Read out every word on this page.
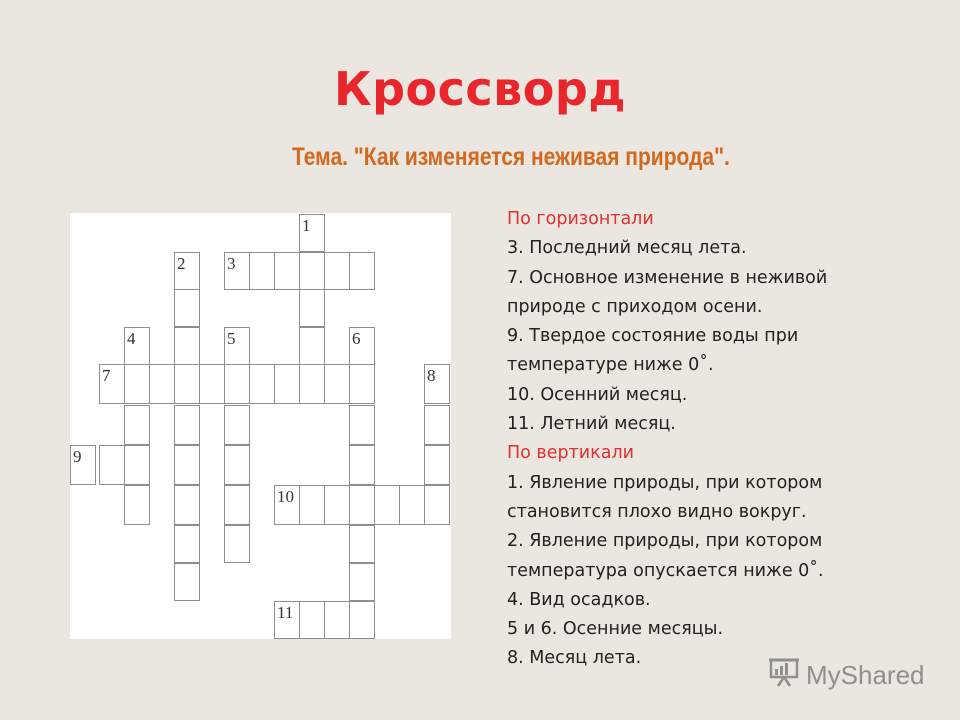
Кроссворд
Тема. "Как изменяется неживая природа".
1
2 3
4	5	6
7	8
9
10
11
По горизонтали
3. Последний месяц лета.
7. Основное изменение в неживой
природе с приходом осени.
9. Твердое состояние воды при
температуре ниже 0˚.
10. Осенний месяц.
11. Летний месяц.
По вертикали
1. Явление природы, при котором
становится плохо видно вокруг.
2. Явление природы, при котором
температура опускается ниже 0˚.
4. Вид осадков.
5 и 6. Осенние месяцы.
8. Месяц лета.
MyShared
